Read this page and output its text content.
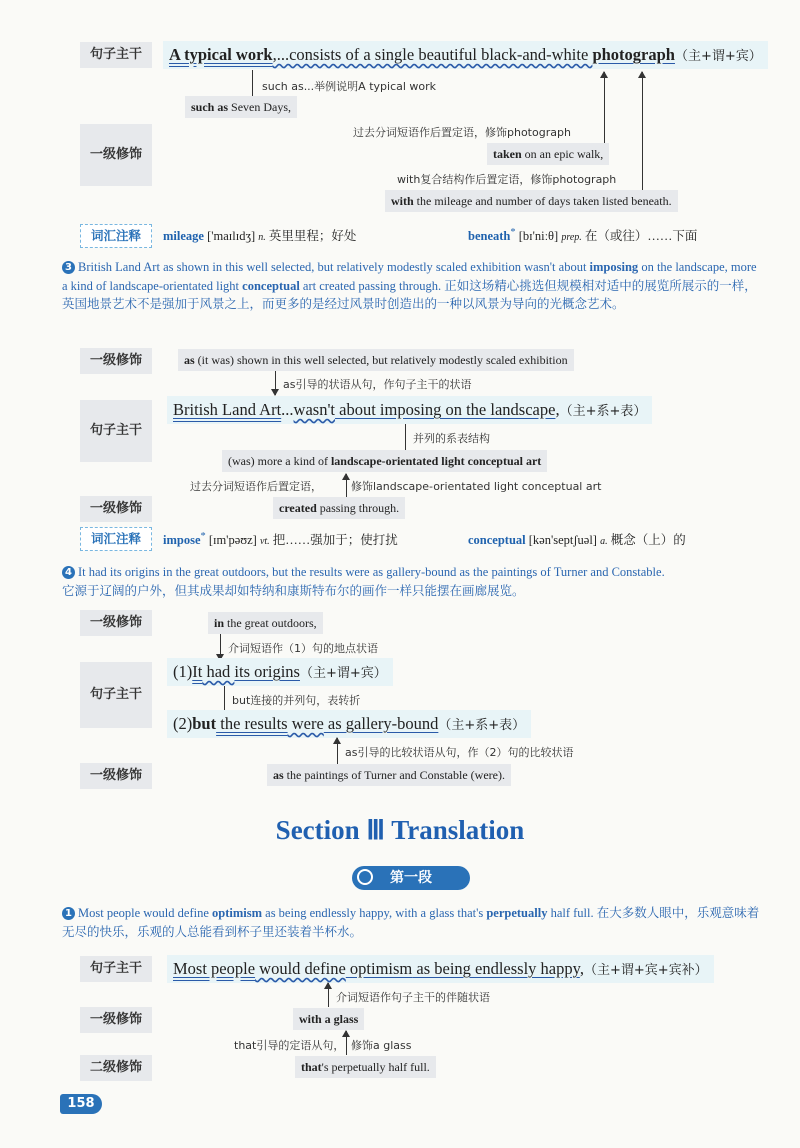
句子主干	A typical work,...consists of a single beautiful black-and-white photograph（主+谓+宾）
such as...举例说明A typical work
such as Seven Days,
一级修饰
过去分词短语作后置定语，修饰photograph
taken on an epic walk,
with复合结构作后置定语，修饰photograph
with the mileage and number of days taken listed beneath.
词汇注释	mileage ['maɪlɪdʒ] n. 英里里程；好处	beneath* [bɪ'niːθ] prep. 在（或往）……下面
3 British Land Art as shown in this well selected, but relatively modestly scaled exhibition wasn't about imposing on the landscape, more a kind of landscape-orientated light conceptual art created passing through. 正如这场精心挑选但规模相对适中的展览所展示的一样，英国地景艺术不是强加于风景之上，而更多的是经过风景时创造出的一种以风景为导向的光概念艺术。
一级修饰	as (it was) shown in this well selected, but relatively modestly scaled exhibition
as引导的状语从句，作句子主干的状语
句子主干
British Land Art...wasn't about imposing on the landscape,（主+系+表）
并列的系表结构
(was) more a kind of landscape-orientated light conceptual art
过去分词短语作后置定语，	修饰landscape-orientated light conceptual art
一级修饰	created passing through.
词汇注释	impose* [ɪm'pəʊz] vt. 把……强加于；使打扰	conceptual [kən'septʃuəl] a. 概念（上）的
4 It had its origins in the great outdoors, but the results were as gallery-bound as the paintings of Turner and Constable.
它源于辽阔的户外，但其成果却如特纳和康斯特布尔的画作一样只能摆在画廊展览。
一级修饰	in the great outdoors,
介词短语作（1）句的地点状语
句子主干
(1)It had its origins（主+谓+宾）
but连接的并列句，表转折
(2)but the results were as gallery-bound（主+系+表）
as引导的比较状语从句，作（2）句的比较状语
一级修饰	as the paintings of Turner and Constable (were).
Section Ⅲ Translation
第一段
1 Most people would define optimism as being endlessly happy, with a glass that's perpetually half full. 在大多数人眼中，乐观意味着无尽的快乐，乐观的人总能看到杯子里还装着半杯水。
句子主干	Most people would define optimism as being endlessly happy,（主+谓+宾+宾补）
介词短语作句子主干的伴随状语
一级修饰	with a glass
that引导的定语从句， 修饰a glass
二级修饰	that's perpetually half full.
158
